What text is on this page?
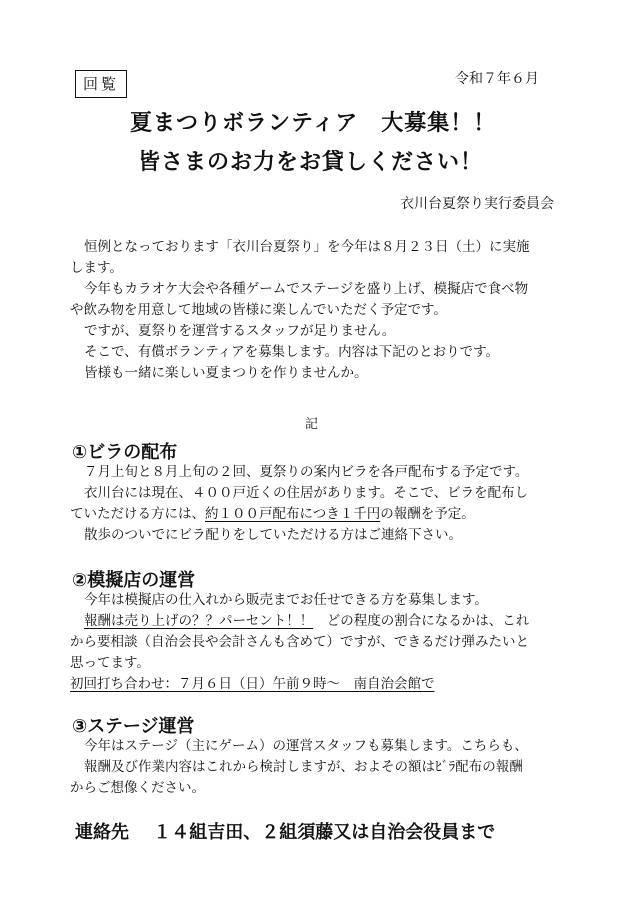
回覧	令和７年６月
夏まつりボランティア　大募集！！
皆さまのお力をお貸しください！
衣川台夏祭り実行委員会

恒例となっております「衣川台夏祭り」を今年は８月２３日（土）に実施

します。

今年もカラオケ大会や各種ゲームでステージを盛り上げ、模擬店で食べ物

や飲み物を用意して地域の皆様に楽しんでいただく予定です。

ですが、夏祭りを運営するスタッフが足りません。

そこで、有償ボランティアを募集します。内容は下記のとおりです。

皆様も一緒に楽しい夏まつりを作りませんか。

記
①ビラの配布

７月上旬と８月上旬の２回、夏祭りの案内ビラを各戸配布する予定です。

衣川台には現在、４００戸近くの住居があります。そこで、ビラを配布し

ていただける方には、約１００戸配布につき１千円の報酬を予定。

散歩のついでにビラ配りをしていただける方はご連絡下さい。

②模擬店の運営

今年は模擬店の仕入れから販売までお任せできる方を募集します。

報酬は売り上げの？？パーセント！！　どの程度の割合になるかは、これ

から要相談（自治会長や会計さんも含めて）ですが、できるだけ弾みたいと

思ってます。

初回打ち合わせ：７月６日（日）午前９時～　南自治会館で

③ステージ運営

今年はステージ（主にゲーム）の運営スタッフも募集します。こちらも、

報酬及び作業内容はこれから検討しますが、およその額はﾋﾞﾗ配布の報酬

からご想像ください。

連絡先　 １４組吉田、２組須藤又は自治会役員まで
